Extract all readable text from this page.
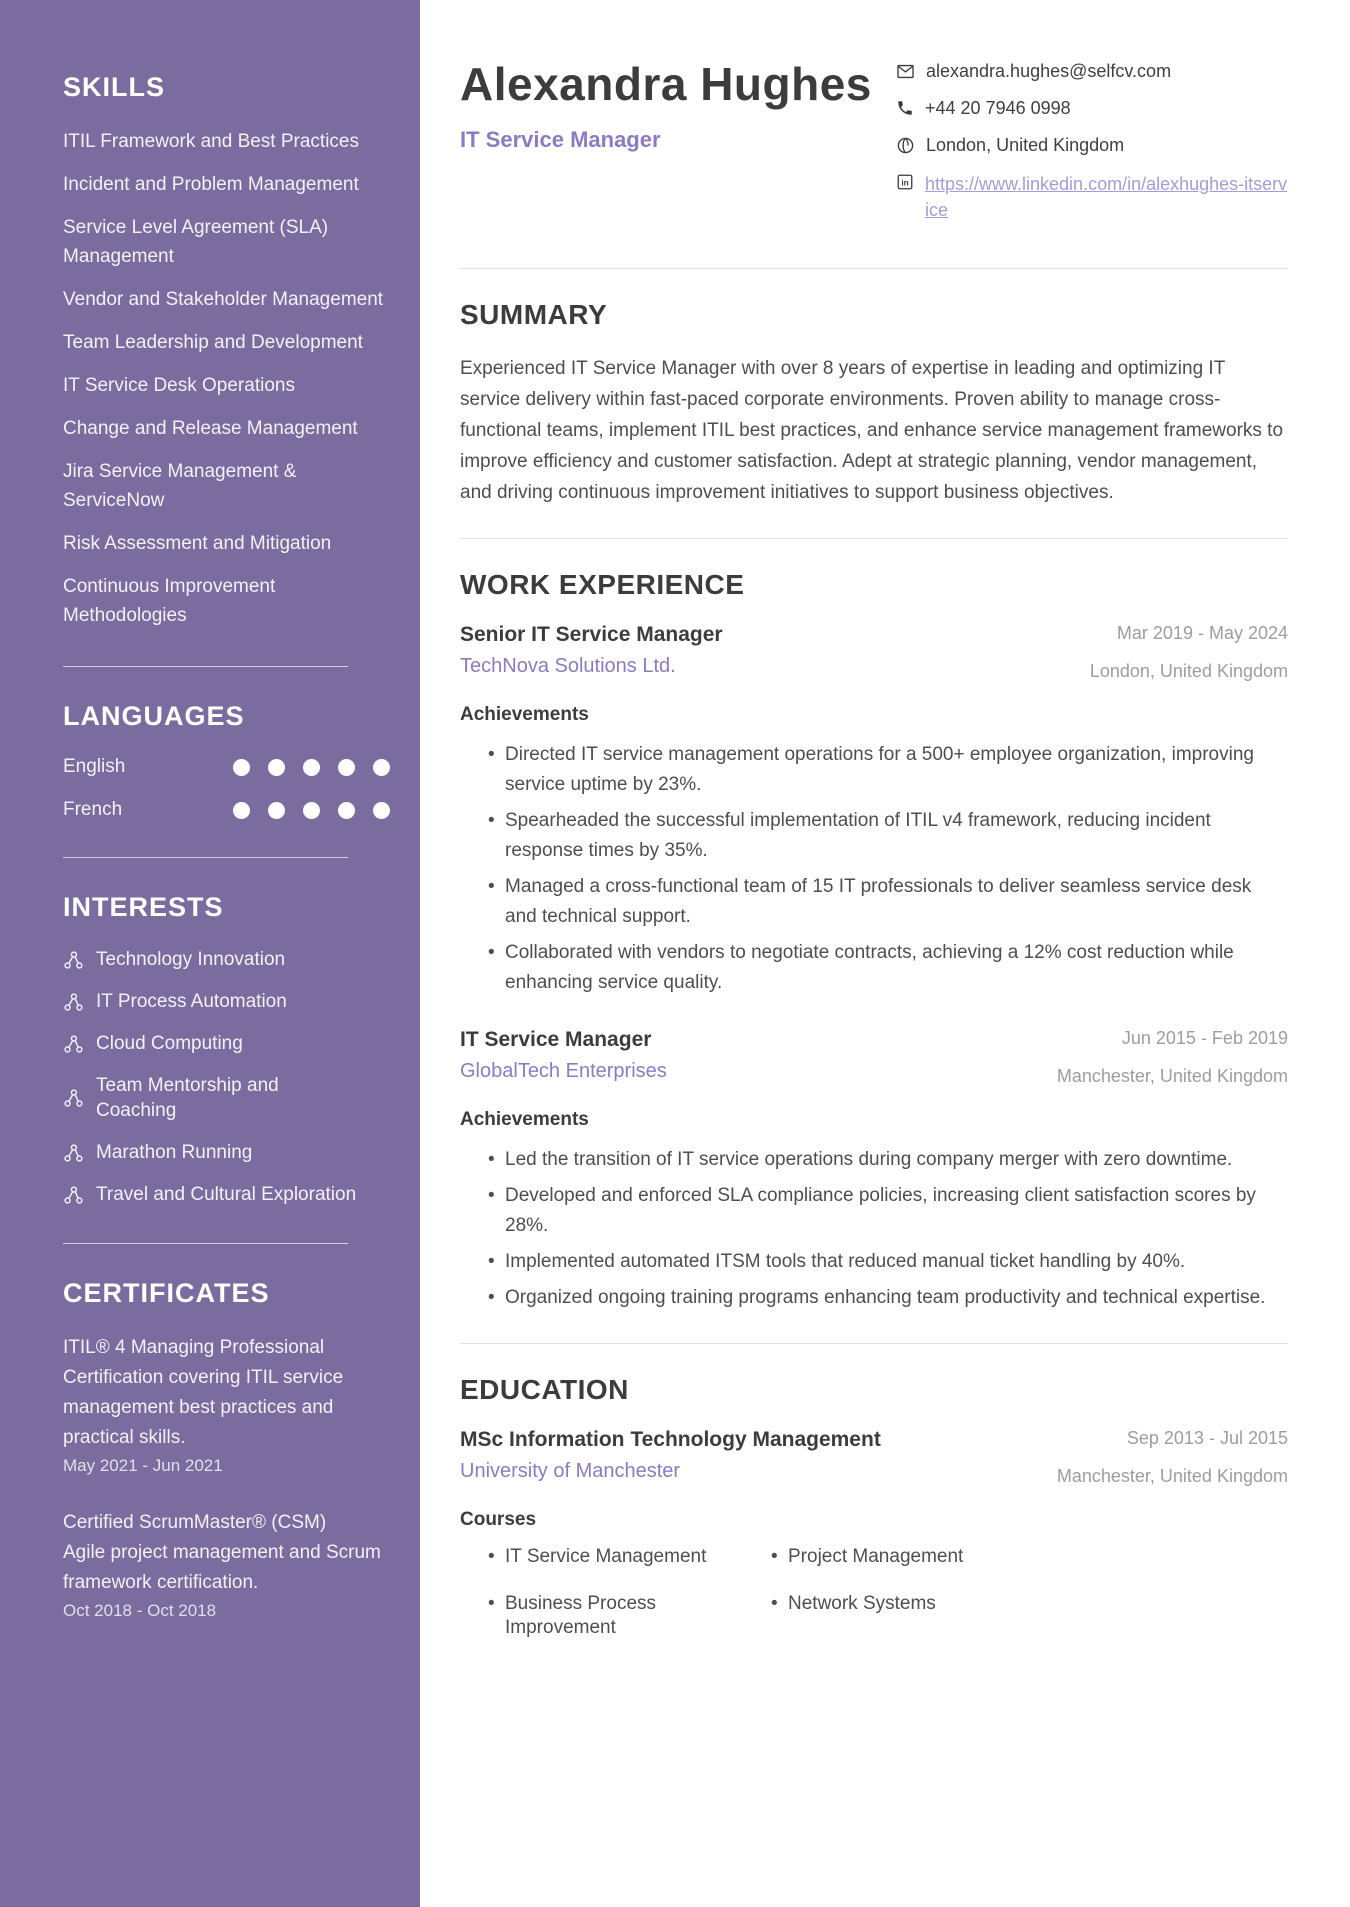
SKILLS
ITIL Framework and Best Practices
Incident and Problem Management
Service Level Agreement (SLA) Management
Vendor and Stakeholder Management
Team Leadership and Development
IT Service Desk Operations
Change and Release Management
Jira Service Management & ServiceNow
Risk Assessment and Mitigation
Continuous Improvement Methodologies
LANGUAGES
English
French
INTERESTS
Technology Innovation
IT Process Automation
Cloud Computing
Team Mentorship and Coaching
Marathon Running
Travel and Cultural Exploration
CERTIFICATES
ITIL® 4 Managing Professional
Certification covering ITIL service management best practices and practical skills.
May 2021 - Jun 2021
Certified ScrumMaster® (CSM)
Agile project management and Scrum framework certification.
Oct 2018 - Oct 2018
Alexandra Hughes
IT Service Manager
alexandra.hughes@selfcv.com
+44 20 7946 0998
London, United Kingdom
in https://www.linkedin.com/in/alexhughes-itservice
SUMMARY

Experienced IT Service Manager with over 8 years of expertise in leading and optimizing IT service delivery within fast-paced corporate environments. Proven ability to manage cross-functional teams, implement ITIL best practices, and enhance service management frameworks to improve efficiency and customer satisfaction. Adept at strategic planning, vendor management, and driving continuous improvement initiatives to support business objectives.

WORK EXPERIENCE
Senior IT Service Manager
TechNova Solutions Ltd.
Mar 2019 - May 2024
London, United Kingdom
Achievements
• Directed IT service management operations for a 500+ employee organization, improving service uptime by 23%.
• Spearheaded the successful implementation of ITIL v4 framework, reducing incident response times by 35%.
• Managed a cross-functional team of 15 IT professionals to deliver seamless service desk and technical support.
• Collaborated with vendors to negotiate contracts, achieving a 12% cost reduction while enhancing service quality.
IT Service Manager
GlobalTech Enterprises
Jun 2015 - Feb 2019
Manchester, United Kingdom
Achievements
• Led the transition of IT service operations during company merger with zero downtime.
• Developed and enforced SLA compliance policies, increasing client satisfaction scores by 28%.
• Implemented automated ITSM tools that reduced manual ticket handling by 40%.
• Organized ongoing training programs enhancing team productivity and technical expertise.
EDUCATION
MSc Information Technology Management
University of Manchester
Sep 2013 - Jul 2015
Manchester, United Kingdom
Courses
• IT Service Management	• Project Management
• Business Process Improvement
• Network Systems
